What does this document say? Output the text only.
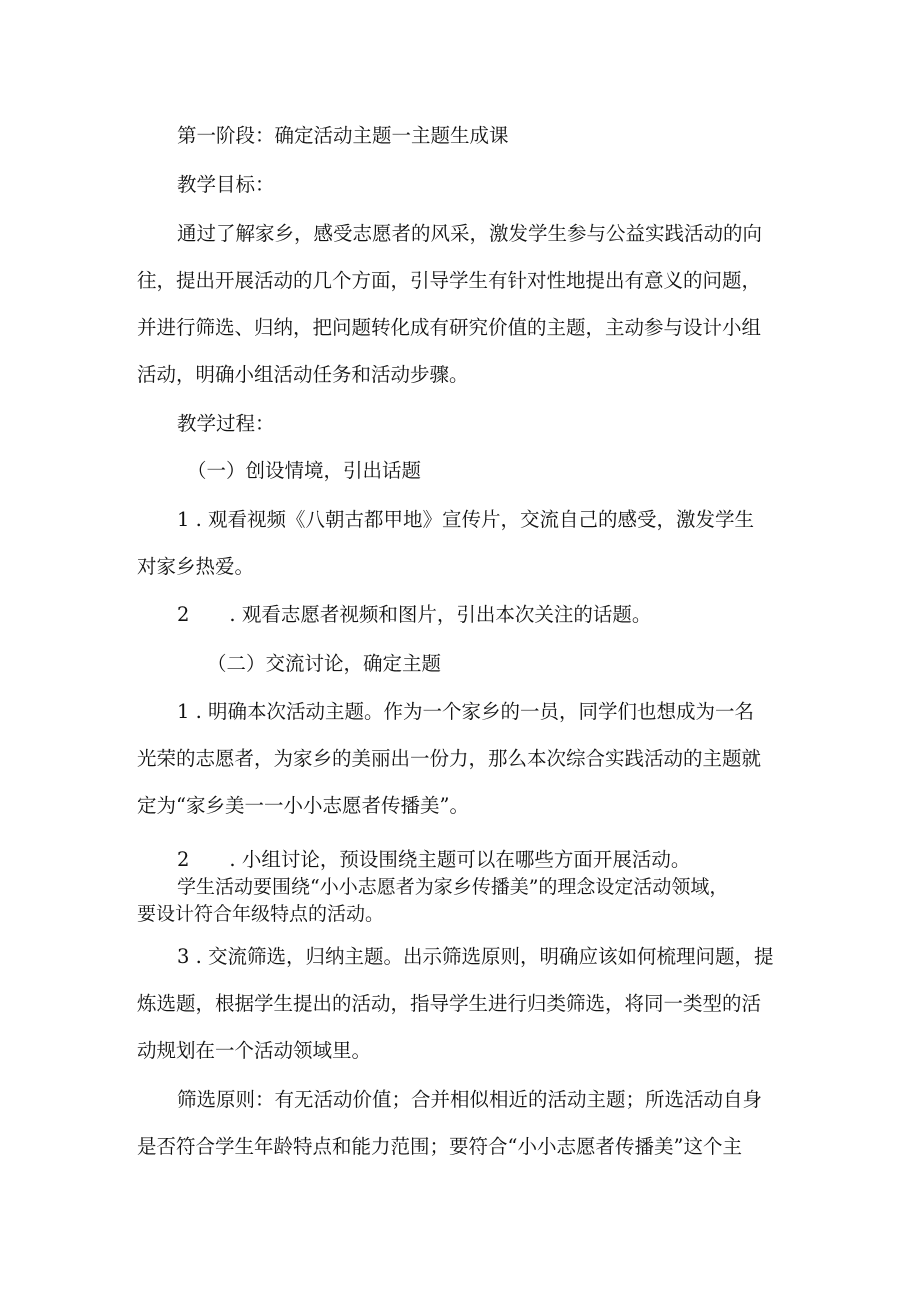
第一阶段：确定活动主题一主题生成课
教学目标：
通过了解家乡，感受志愿者的风采，激发学生参与公益实践活动的向
往，提出开展活动的几个方面，引导学生有针对性地提出有意义的问题，
并进行筛选、归纳，把问题转化成有研究价值的主题，主动参与设计小组
活动，明确小组活动任务和活动步骤。
教学过程：
（一）创设情境，引出话题
1 . 观看视频《八朝古都甲地》宣传片，交流自己的感受，激发学生
对家乡热爱。
2 . 观看志愿者视频和图片，引出本次关注的话题。
（二）交流讨论，确定主题
1 . 明确本次活动主题。作为一个家乡的一员，同学们也想成为一名
光荣的志愿者，为家乡的美丽出一份力，那么本次综合实践活动的主题就
定为“家乡美一一小小志愿者传播美”。
2 . 小组讨论，预设围绕主题可以在哪些方面开展活动。
学生活动要围绕“小小志愿者为家乡传播美”的理念设定活动领域，
要设计符合年级特点的活动。
3 . 交流筛选，归纳主题。出示筛选原则，明确应该如何梳理问题，提
炼选题，根据学生提出的活动，指导学生进行归类筛选，将同一类型的活
动规划在一个活动领域里。
筛选原则：有无活动价值；合并相似相近的活动主题；所选活动自身
是否符合学生年龄特点和能力范围；要符合“小小志愿者传播美”这个主
